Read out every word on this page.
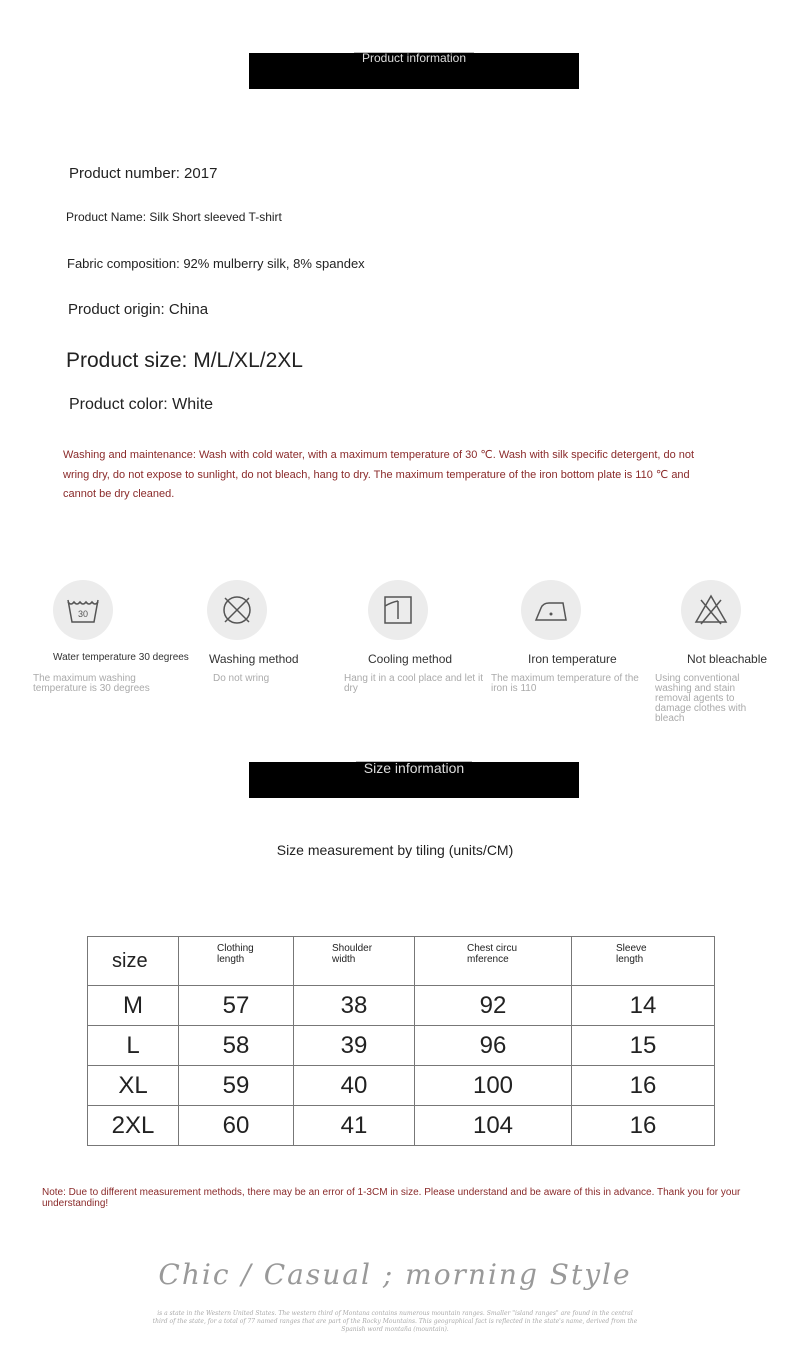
Product information
Product number: 2017
Product Name: Silk Short sleeved T-shirt
Fabric composition: 92% mulberry silk, 8% spandex
Product origin: China
Product size: M/L/XL/2XL
Product color: White
Washing and maintenance: Wash with cold water, with a maximum temperature of 30 ℃. Wash with silk specific detergent, do not wring dry, do not expose to sunlight, do not bleach, hang to dry. The maximum temperature of the iron bottom plate is 110 ℃ and cannot be dry cleaned.
30
Water temperature 30 degrees
The maximum washing temperature is 30 degrees
Washing method
Do not wring
Cooling method
Hang it in a cool place and let it dry
Iron temperature
The maximum temperature of the iron is 110
Not bleachable
Using conventional washing and stain removal agents to damage clothes with bleach
Size information
Size measurement by tiling (units/CM)
size	Clothing length	Shoulder width	Chest circumference	Sleeve length
M	57	38	92	14
L	58	39	96	15
XL	59	40	100	16
2XL	60	41	104	16
Note: Due to different measurement methods, there may be an error of 1-3CM in size. Please understand and be aware of this in advance. Thank you for your understanding!
Chic / Casual ; morning Style
is a state in the Western United States. The western third of Montana contains numerous mountain ranges. Smaller "island ranges" are found in the central third of the state, for a total of 77 named ranges that are part of the Rocky Mountains. This geographical fact is reflected in the state's name, derived from the Spanish word montaña (mountain).
